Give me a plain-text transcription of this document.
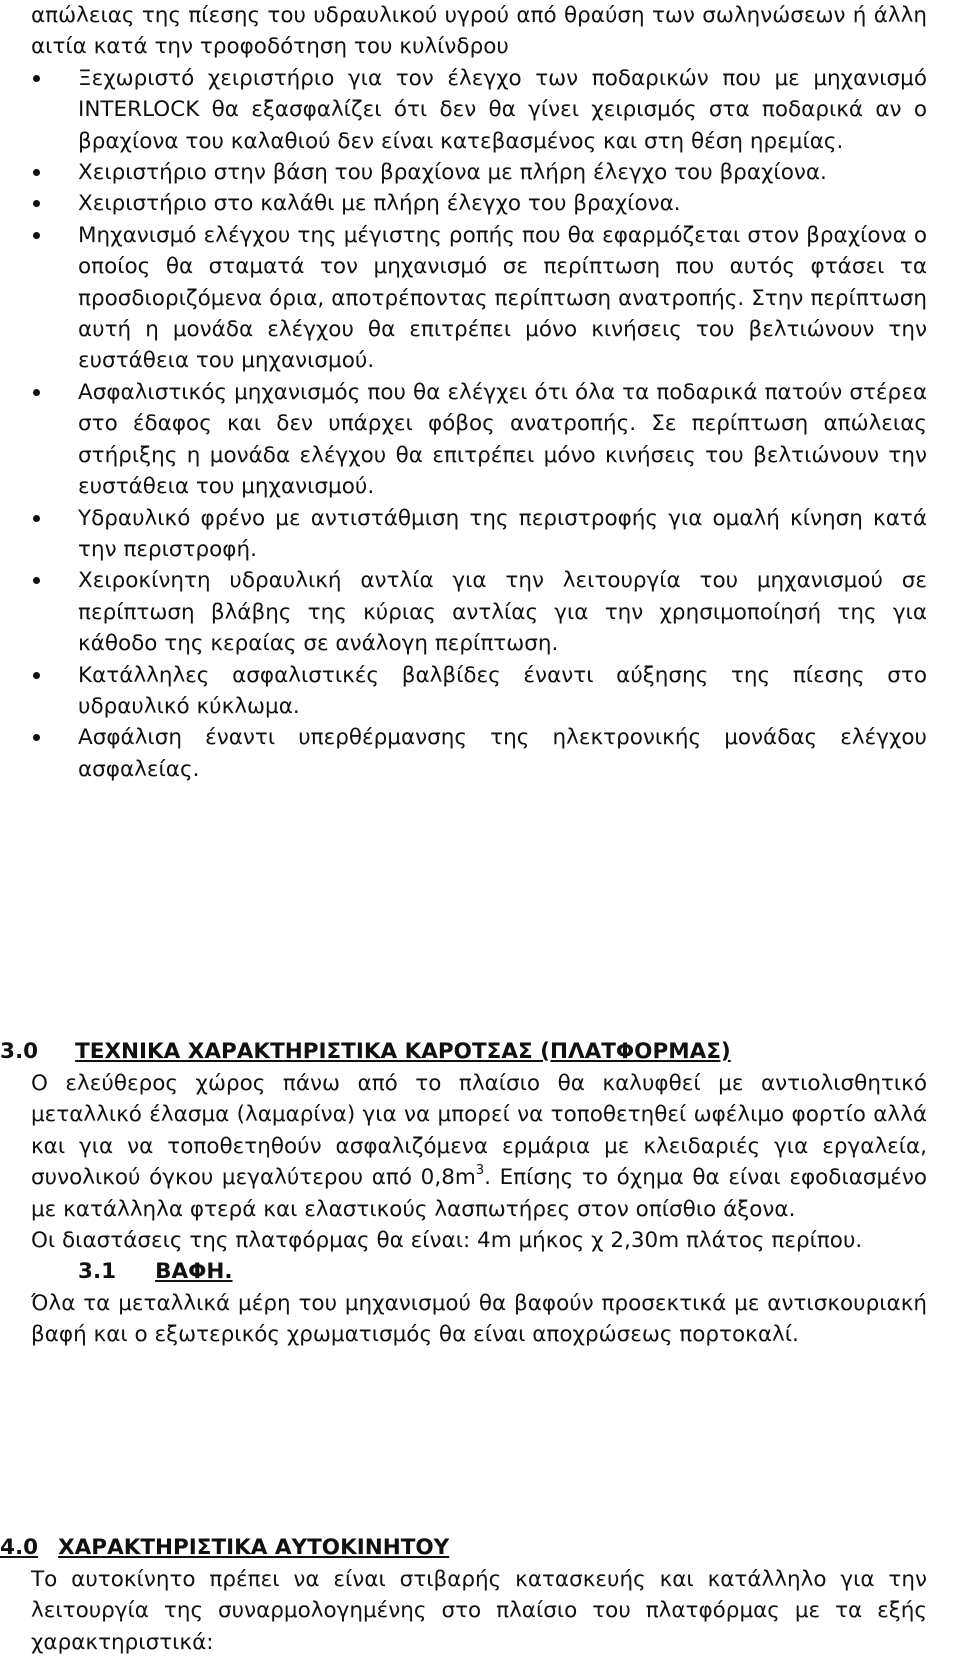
απώλειας της πίεσης του υδραυλικού υγρού από θραύση των σωληνώσεων ή άλλη αιτία κατά την τροφοδότηση του κυλίνδρου

Ξεχωριστό χειριστήριο για τον έλεγχο των ποδαρικών που με μηχανισμό INTERLOCK θα εξασφαλίζει ότι δεν θα γίνει χειρισμός στα ποδαρικά αν ο βραχίονα του καλαθιού δεν είναι κατεβασμένος και στη θέση ηρεμίας.

Χειριστήριο στην βάση του βραχίονα με πλήρη έλεγχο του βραχίονα.

Χειριστήριο στο καλάθι με πλήρη έλεγχο του βραχίονα.

Μηχανισμό ελέγχου της μέγιστης ροπής που θα εφαρμόζεται στον βραχίονα ο οποίος θα σταματά τον μηχανισμό σε περίπτωση που αυτός φτάσει τα προσδιοριζόμενα όρια, αποτρέποντας περίπτωση ανατροπής. Στην περίπτωση αυτή η μονάδα ελέγχου θα επιτρέπει μόνο κινήσεις του βελτιώνουν την ευστάθεια του μηχανισμού.

Ασφαλιστικός μηχανισμός που θα ελέγχει ότι όλα τα ποδαρικά πατούν στέρεα στο έδαφος και δεν υπάρχει φόβος ανατροπής. Σε περίπτωση απώλειας στήριξης η μονάδα ελέγχου θα επιτρέπει μόνο κινήσεις του βελτιώνουν την ευστάθεια του μηχανισμού.

Υδραυλικό φρένο με αντιστάθμιση της περιστροφής για ομαλή κίνηση κατά την περιστροφή.

Χειροκίνητη υδραυλική αντλία για την λειτουργία του μηχανισμού σε περίπτωση βλάβης της κύριας αντλίας για την χρησιμοποίησή της για κάθοδο της κεραίας σε ανάλογη περίπτωση.

Κατάλληλες ασφαλιστικές βαλβίδες έναντι αύξησης της πίεσης στο υδραυλικό κύκλωμα.

Ασφάλιση έναντι υπερθέρμανσης της ηλεκτρονικής μονάδας ελέγχου ασφαλείας.

3.0 ΤΕΧΝΙΚΑ ΧΑΡΑΚΤΗΡΙΣΤΙΚΑ ΚΑΡΟΤΣΑΣ (ΠΛΑΤΦΟΡΜΑΣ)

Ο ελεύθερος χώρος πάνω από το πλαίσιο θα καλυφθεί με αντιολισθητικό μεταλλικό έλασμα (λαμαρίνα) για να μπορεί να τοποθετηθεί ωφέλιμο φορτίο αλλά και για να τοποθετηθούν ασφαλιζόμενα ερμάρια με κλειδαριές για εργαλεία, συνολικού όγκου μεγαλύτερου από $0,8m^3$. Επίσης το όχημα θα είναι εφοδιασμένο με κατάλληλα φτερά και ελαστικούς λασπωτήρες στον οπίσθιο άξονα.

Οι διαστάσεις της πλατφόρμας θα είναι: 4m μήκος χ 2,30m πλάτος περίπου.

3.1 ΒΑΦΗ.

Όλα τα μεταλλικά μέρη του μηχανισμού θα βαφούν προσεκτικά με αντισκουριακή βαφή και ο εξωτερικός χρωματισμός θα είναι αποχρώσεως πορτοκαλί.

4.0 ΧΑΡΑΚΤΗΡΙΣΤΙΚΑ ΑΥΤΟΚΙΝΗΤΟΥ

Το αυτοκίνητο πρέπει να είναι στιβαρής κατασκευής και κατάλληλο για την λειτουργία της συναρμολογημένης στο πλαίσιο του πλατφόρμας με τα εξής χαρακτηριστικά:
